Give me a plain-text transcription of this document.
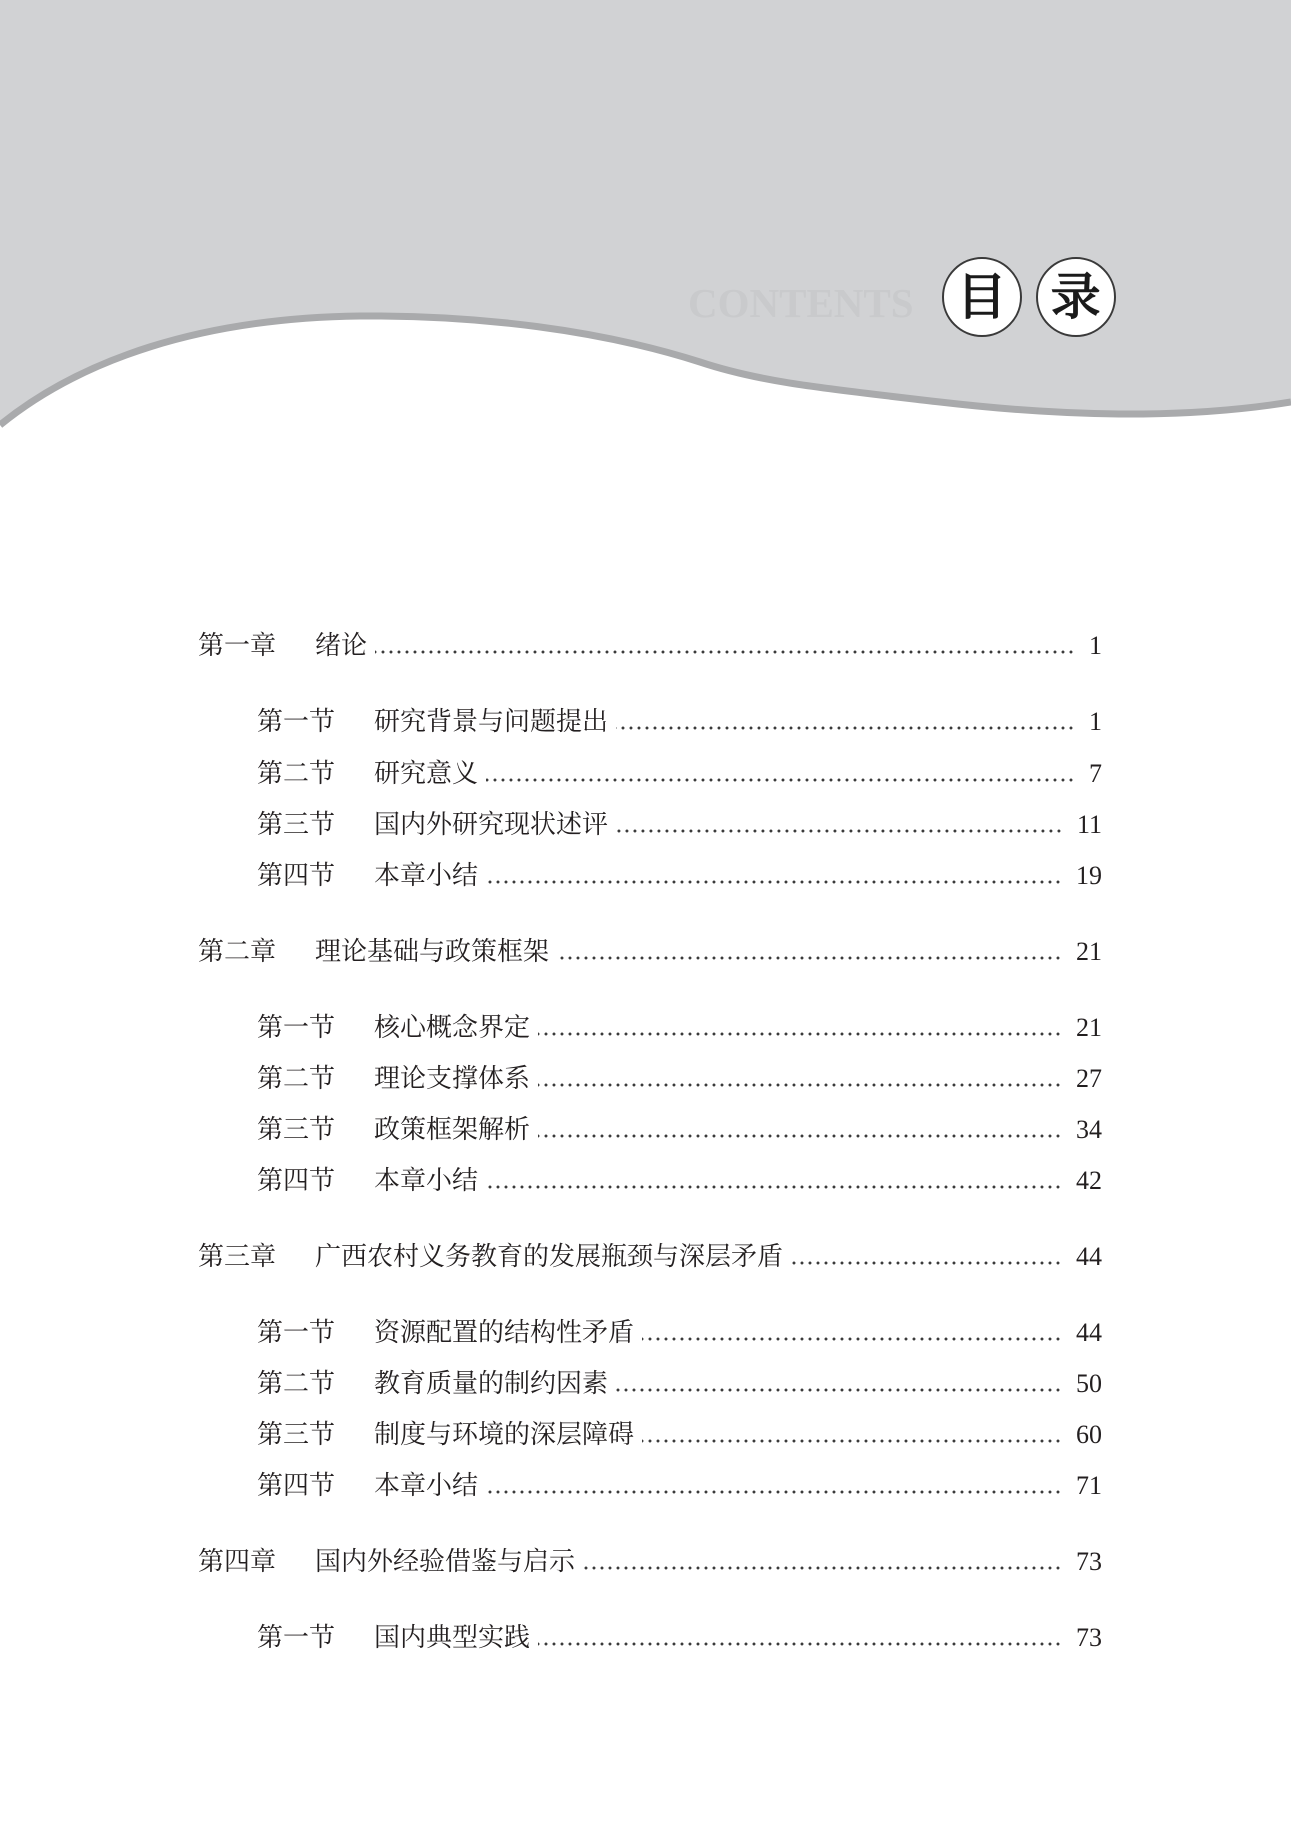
CONTENTS 目 录
第一章	绪论	1
第一节	研究背景与问题提出	1
第二节	研究意义	7
第三节	国内外研究现状述评	11
第四节	本章小结	19
第二章	理论基础与政策框架	21
第一节	核心概念界定	21
第二节	理论支撑体系	27
第三节	政策框架解析	34
第四节	本章小结	42
第三章	广西农村义务教育的发展瓶颈与深层矛盾	44
第一节	资源配置的结构性矛盾	44
第二节	教育质量的制约因素	50
第三节	制度与环境的深层障碍	60
第四节	本章小结	71
第四章	国内外经验借鉴与启示	73
第一节	国内典型实践	73
